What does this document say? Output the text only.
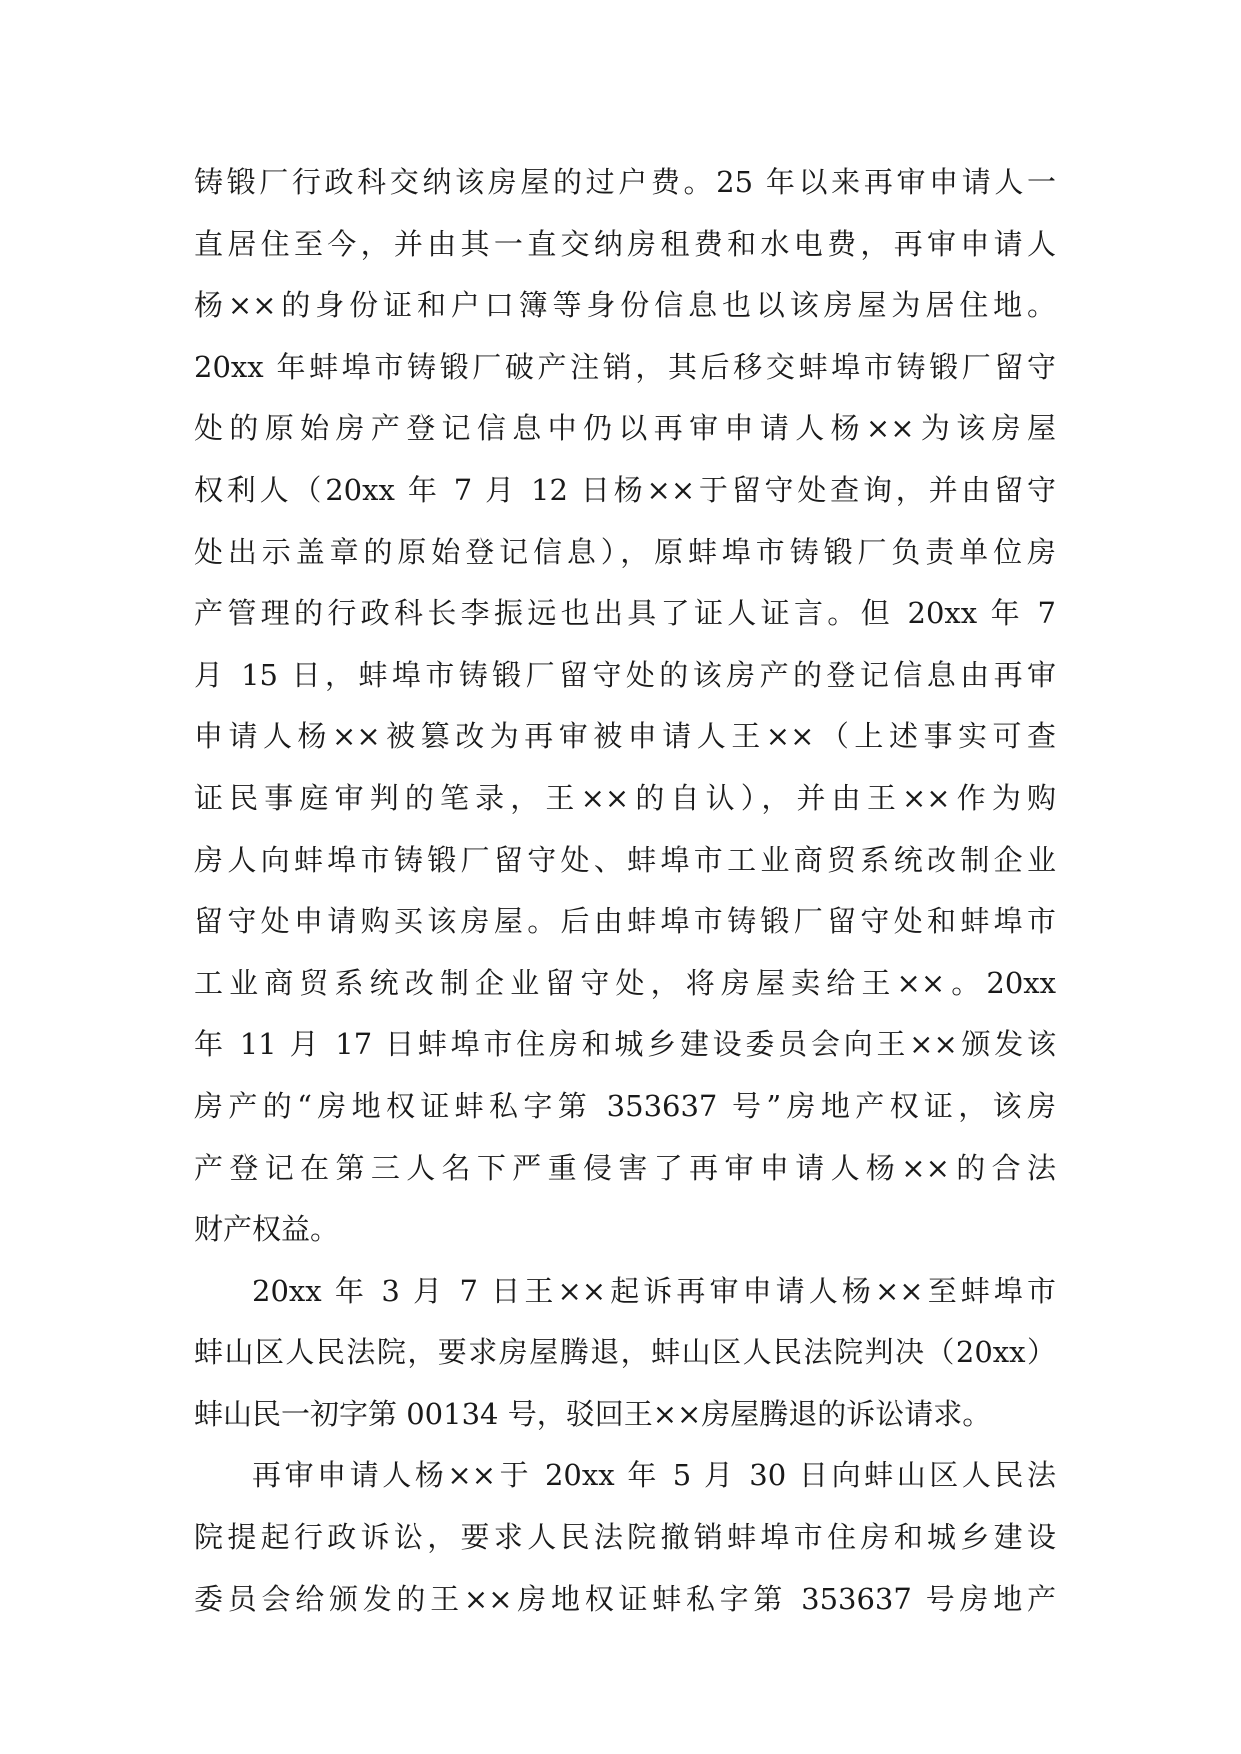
铸锻厂行政科交纳该房屋的过户费。25 年以来再审申请人一
直居住至今，并由其一直交纳房租费和水电费，再审申请人
杨××的身份证和户口簿等身份信息也以该房屋为居住地。
20xx 年蚌埠市铸锻厂破产注销，其后移交蚌埠市铸锻厂留守
处的原始房产登记信息中仍以再审申请人杨××为该房屋
权利人（20xx 年 7 月 12 日杨××于留守处查询，并由留守
处出示盖章的原始登记信息），原蚌埠市铸锻厂负责单位房
产管理的行政科长李振远也出具了证人证言。但 20xx 年 7
月 15 日，蚌埠市铸锻厂留守处的该房产的登记信息由再审
申请人杨××被篡改为再审被申请人王××（上述事实可查
证民事庭审判的笔录，王××的自认），并由王××作为购
房人向蚌埠市铸锻厂留守处、蚌埠市工业商贸系统改制企业
留守处申请购买该房屋。后由蚌埠市铸锻厂留守处和蚌埠市
工业商贸系统改制企业留守处，将房屋卖给王××。20xx
年 11 月 17 日蚌埠市住房和城乡建设委员会向王××颁发该
房产的“房地权证蚌私字第 353637 号”房地产权证，该房
产登记在第三人名下严重侵害了再审申请人杨××的合法
财产权益。
20xx 年 3 月 7 日王××起诉再审申请人杨××至蚌埠市
蚌山区人民法院，要求房屋腾退，蚌山区人民法院判决（20xx）
蚌山民一初字第 00134 号，驳回王××房屋腾退的诉讼请求。
再审申请人杨××于 20xx 年 5 月 30 日向蚌山区人民法
院提起行政诉讼，要求人民法院撤销蚌埠市住房和城乡建设
委员会给颁发的王××房地权证蚌私字第 353637 号房地产
